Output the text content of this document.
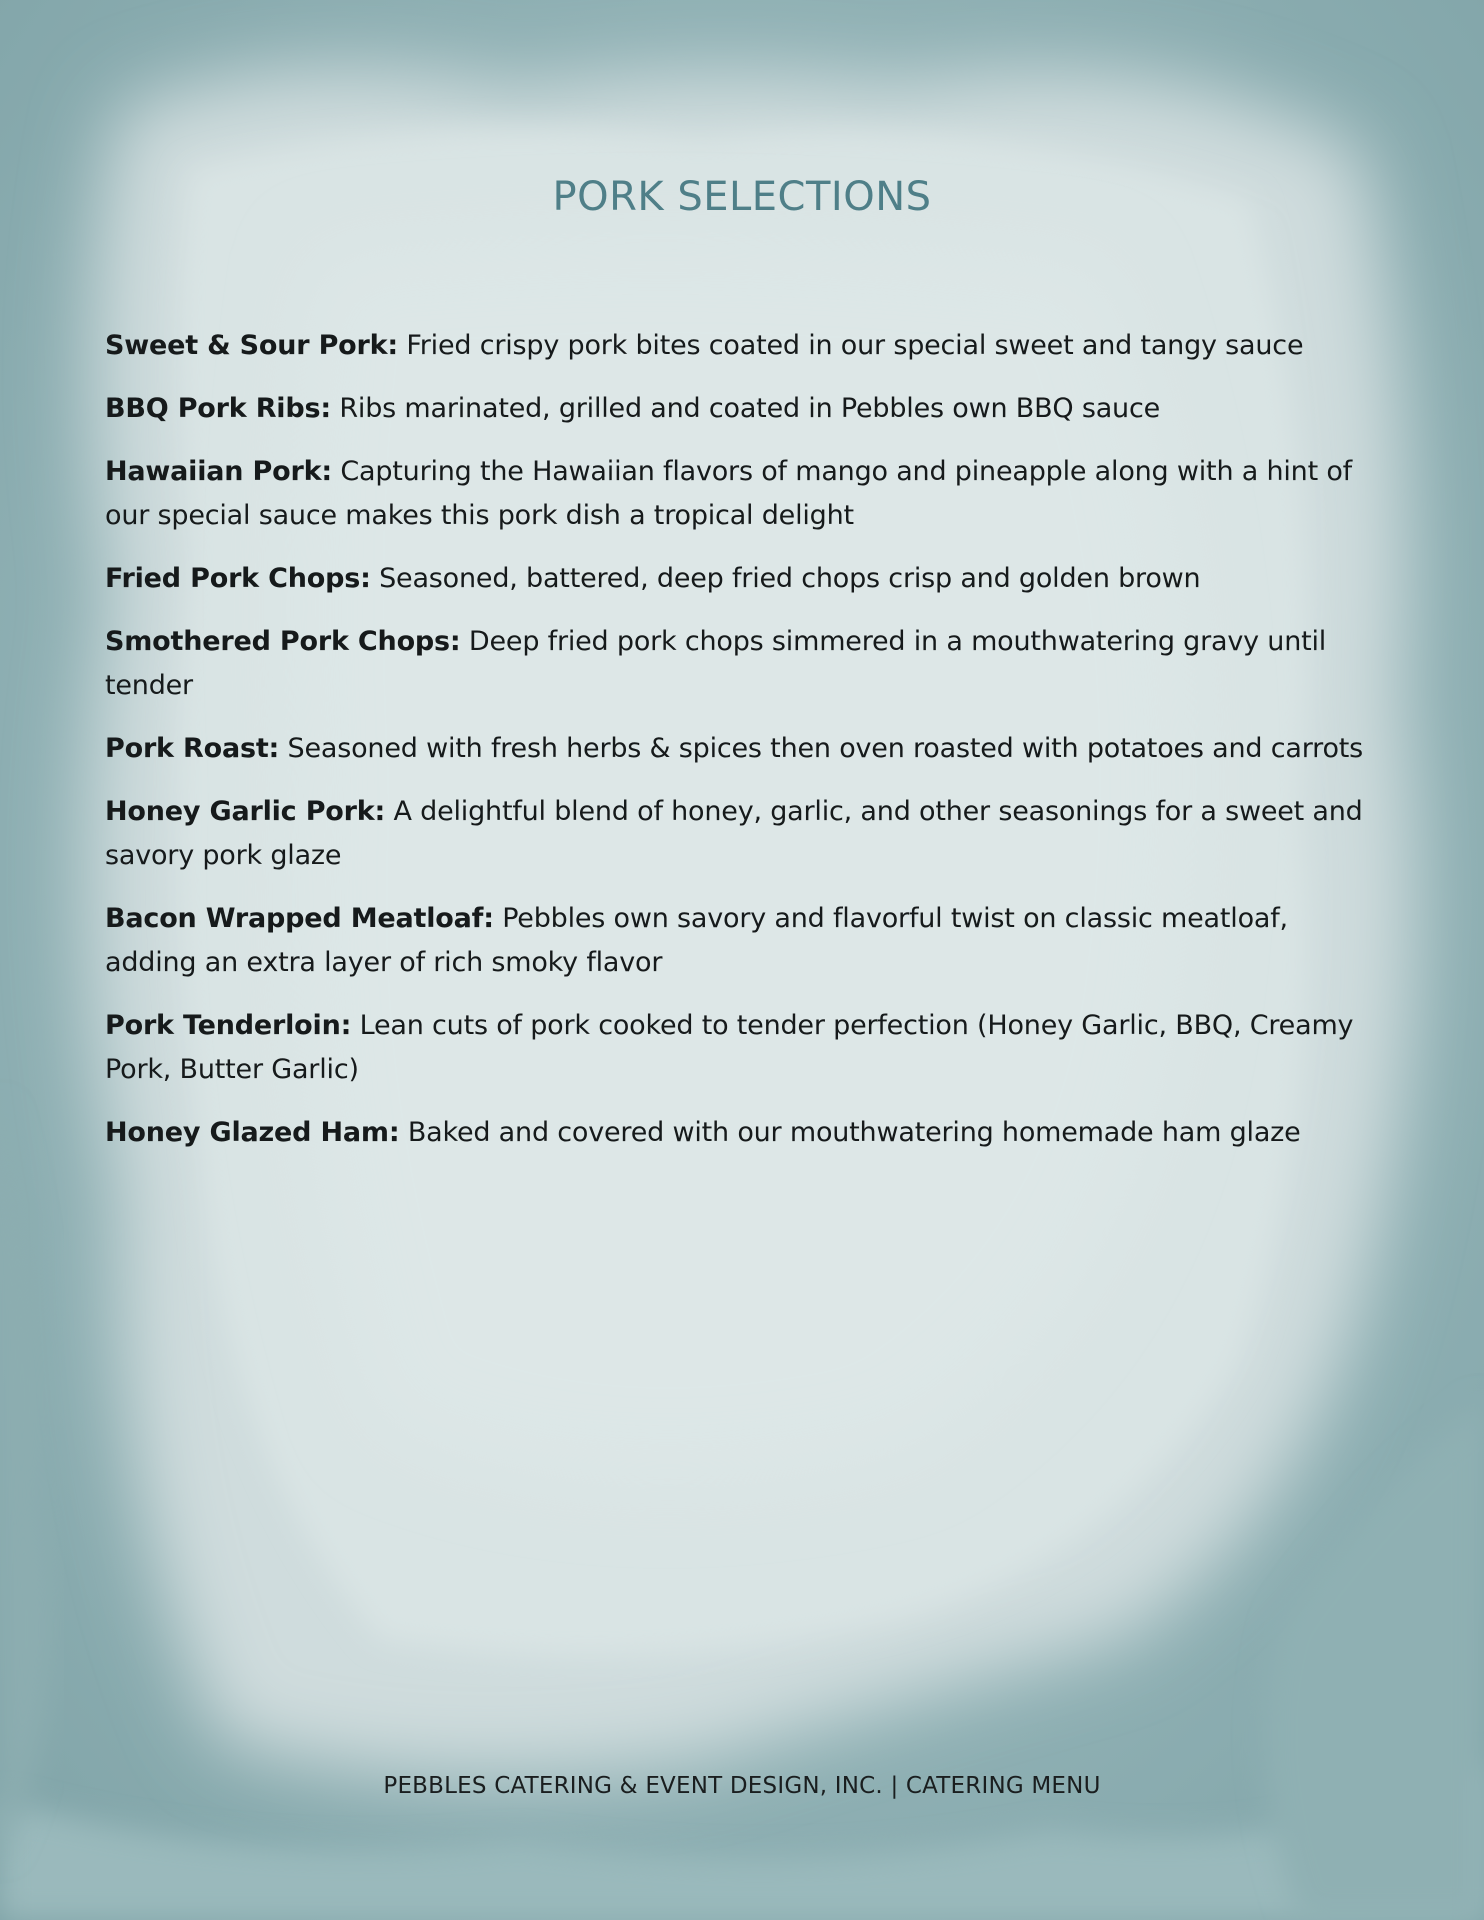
PORK SELECTIONS

Sweet & Sour Pork: Fried crispy pork bites coated in our special sweet and tangy sauce

BBQ Pork Ribs: Ribs marinated, grilled and coated in Pebbles own BBQ sauce

Hawaiian Pork: Capturing the Hawaiian flavors of mango and pineapple along with a hint of our special sauce makes this pork dish a tropical delight

Fried Pork Chops: Seasoned, battered, deep fried chops crisp and golden brown

Smothered Pork Chops: Deep fried pork chops simmered in a mouthwatering gravy until tender

Pork Roast: Seasoned with fresh herbs & spices then oven roasted with potatoes and carrots

Honey Garlic Pork: A delightful blend of honey, garlic, and other seasonings for a sweet and savory pork glaze

Bacon Wrapped Meatloaf: Pebbles own savory and flavorful twist on classic meatloaf, adding an extra layer of rich smoky flavor

Pork Tenderloin: Lean cuts of pork cooked to tender perfection (Honey Garlic, BBQ, Creamy Pork, Butter Garlic)

Honey Glazed Ham: Baked and covered with our mouthwatering homemade ham glaze

PEBBLES CATERING & EVENT DESIGN, INC. | CATERING MENU
